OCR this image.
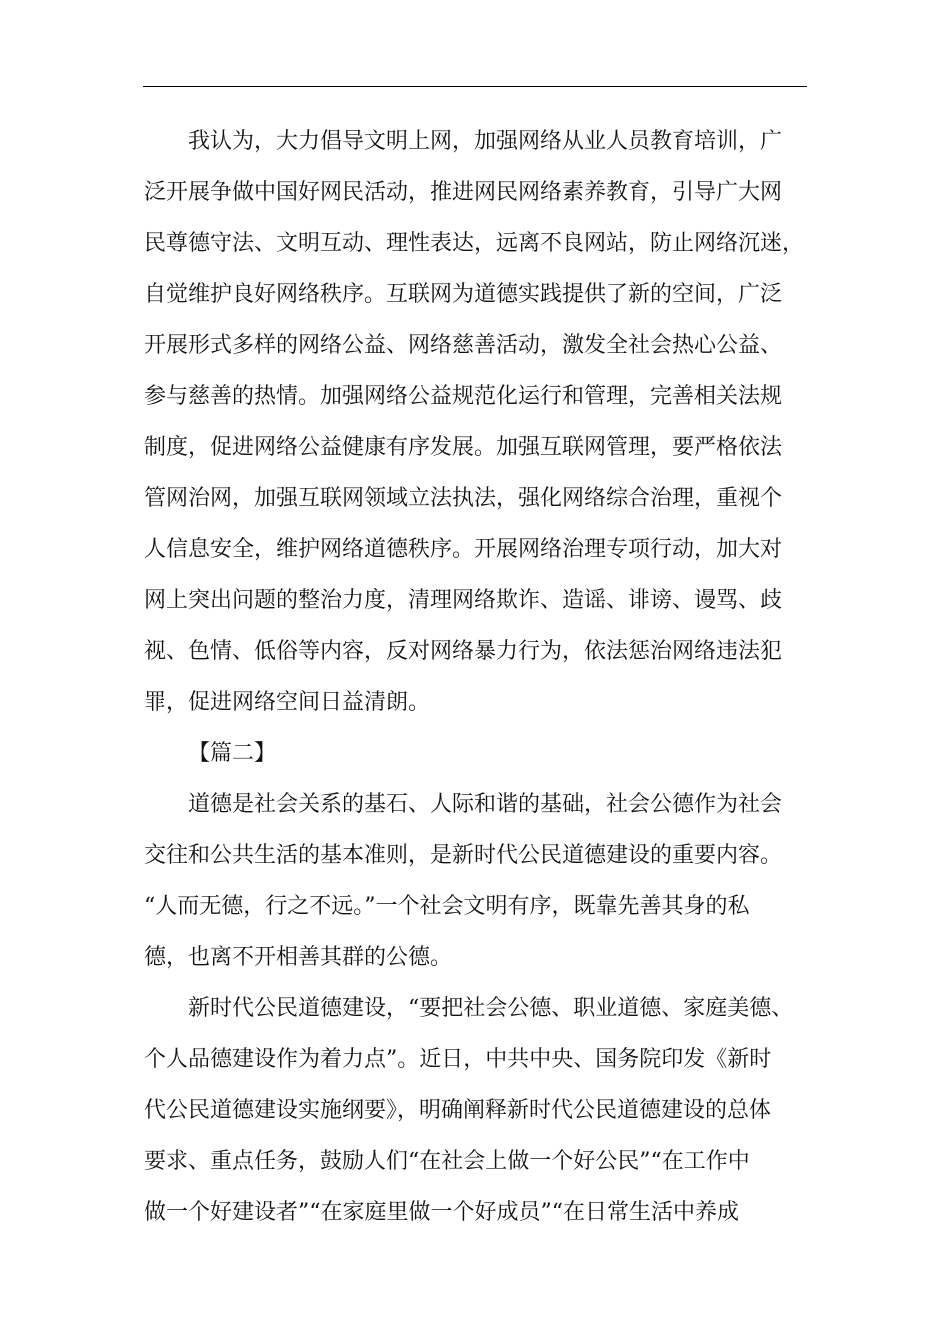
我认为，大力倡导文明上网，加强网络从业人员教育培训，广
泛开展争做中国好网民活动，推进网民网络素养教育，引导广大网
民尊德守法、文明互动、理性表达，远离不良网站，防止网络沉迷，
自觉维护良好网络秩序。互联网为道德实践提供了新的空间，广泛
开展形式多样的网络公益、网络慈善活动，激发全社会热心公益、
参与慈善的热情。加强网络公益规范化运行和管理，完善相关法规
制度，促进网络公益健康有序发展。加强互联网管理，要严格依法
管网治网，加强互联网领域立法执法，强化网络综合治理，重视个
人信息安全，维护网络道德秩序。开展网络治理专项行动，加大对
网上突出问题的整治力度，清理网络欺诈、造谣、诽谤、谩骂、歧
视、色情、低俗等内容，反对网络暴力行为，依法惩治网络违法犯
罪，促进网络空间日益清朗。
【篇二】
道德是社会关系的基石、人际和谐的基础，社会公德作为社会
交往和公共生活的基本准则，是新时代公民道德建设的重要内容。
“人而无德，行之不远。”一个社会文明有序，既靠先善其身的私
德，也离不开相善其群的公德。
新时代公民道德建设，“要把社会公德、职业道德、家庭美德、
个人品德建设作为着力点”。近日，中共中央、国务院印发《新时
代公民道德建设实施纲要》，明确阐释新时代公民道德建设的总体
要求、重点任务，鼓励人们“在社会上做一个好公民”“在工作中
做一个好建设者”“在家庭里做一个好成员”“在日常生活中养成
